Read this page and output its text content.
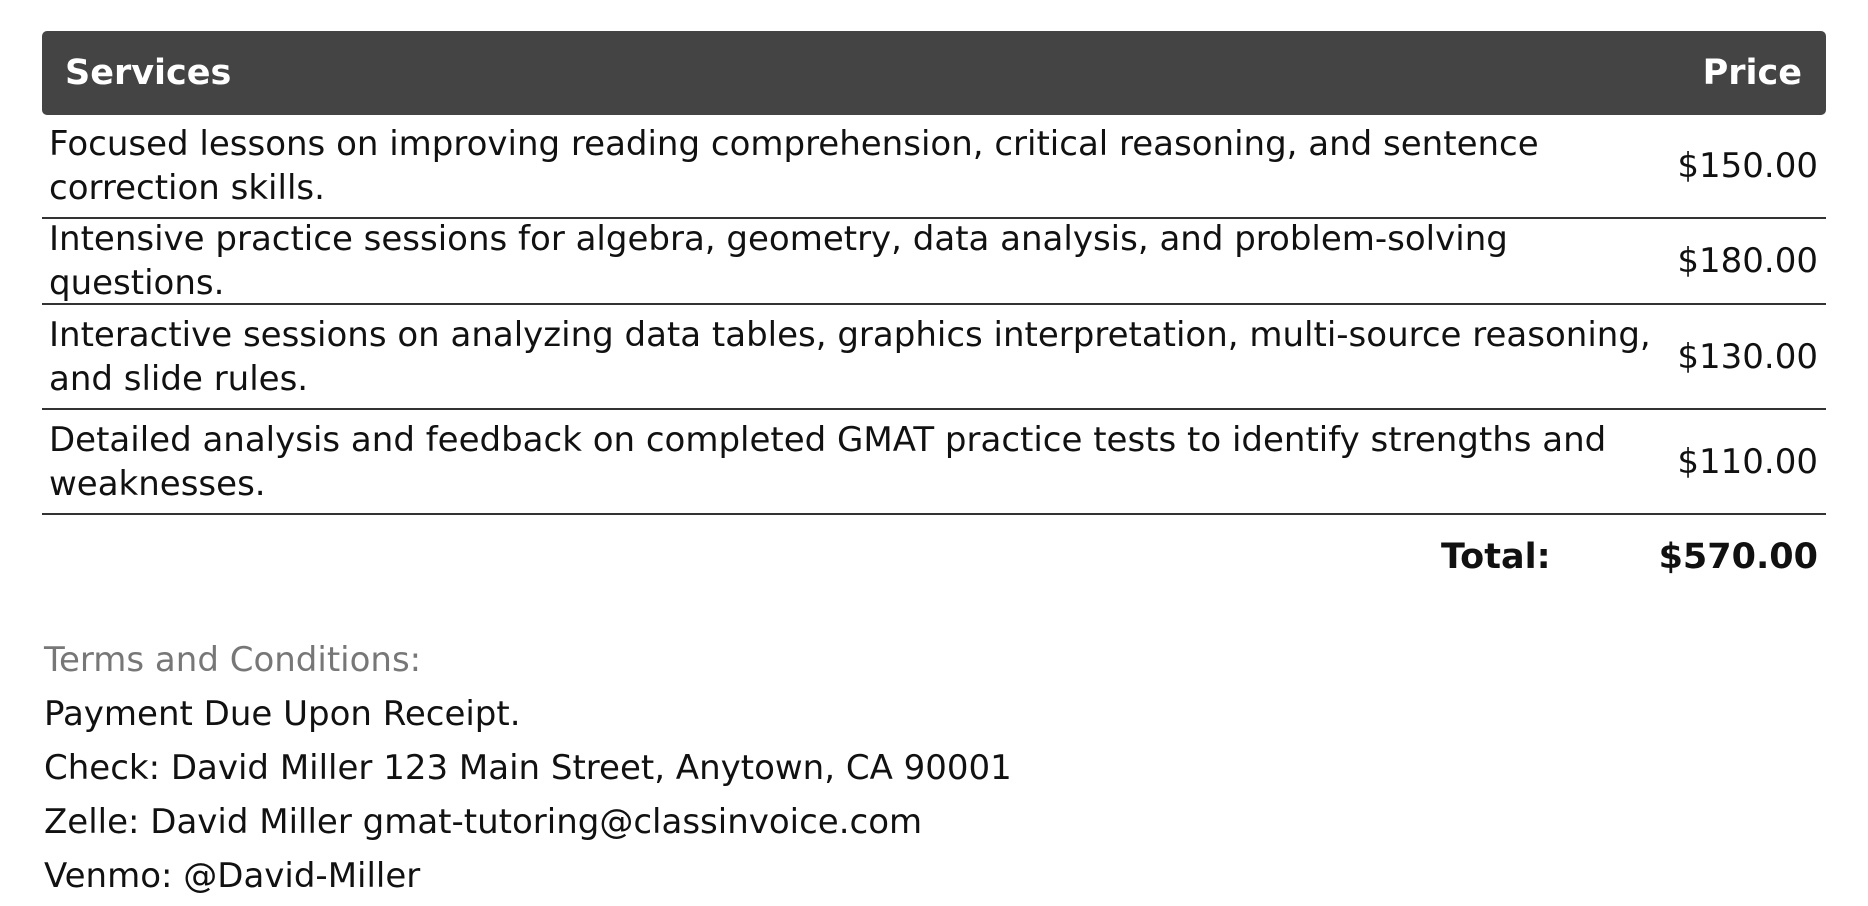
Services	Price
Focused lessons on improving reading comprehension, critical reasoning, and sentence correction skills.
$150.00
Intensive practice sessions for algebra, geometry, data analysis, and problem-solving questions.
$180.00
Interactive sessions on analyzing data tables, graphics interpretation, multi-source reasoning, and slide rules.
$130.00
Detailed analysis and feedback on completed GMAT practice tests to identify strengths and weaknesses.
$110.00
Total:	$570.00
Terms and Conditions:
Payment Due Upon Receipt.
Check: David Miller 123 Main Street, Anytown, CA 90001
Zelle: David Miller gmat-tutoring@classinvoice.com
Venmo: @David-Miller
